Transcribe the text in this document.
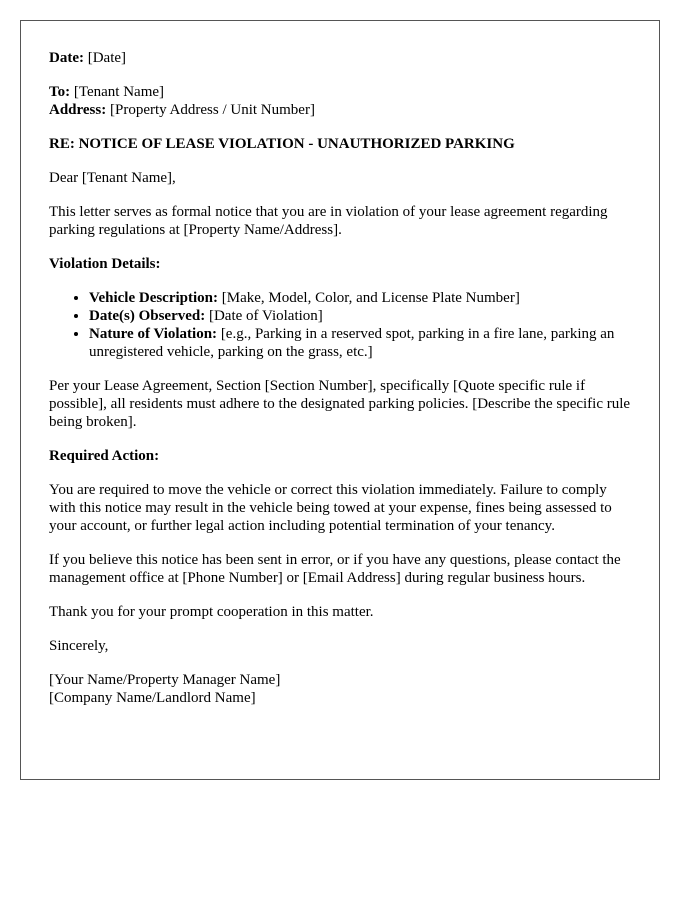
Date: [Date]

To: [Tenant Name]
Address: [Property Address / Unit Number]

RE: NOTICE OF LEASE VIOLATION - UNAUTHORIZED PARKING

Dear [Tenant Name],

This letter serves as formal notice that you are in violation of your lease agreement regarding parking regulations at [Property Name/Address].

Violation Details:

• Vehicle Description: [Make, Model, Color, and License Plate Number]
• Date(s) Observed: [Date of Violation]
• Nature of Violation: [e.g., Parking in a reserved spot, parking in a fire lane, parking an unregistered vehicle, parking on the grass, etc.]

Per your Lease Agreement, Section [Section Number], specifically [Quote specific rule if possible], all residents must adhere to the designated parking policies. [Describe the specific rule being broken].

Required Action:

You are required to move the vehicle or correct this violation immediately. Failure to comply with this notice may result in the vehicle being towed at your expense, fines being assessed to your account, or further legal action including potential termination of your tenancy.

If you believe this notice has been sent in error, or if you have any questions, please contact the management office at [Phone Number] or [Email Address] during regular business hours.

Thank you for your prompt cooperation in this matter.

Sincerely,

[Your Name/Property Manager Name]
[Company Name/Landlord Name]
